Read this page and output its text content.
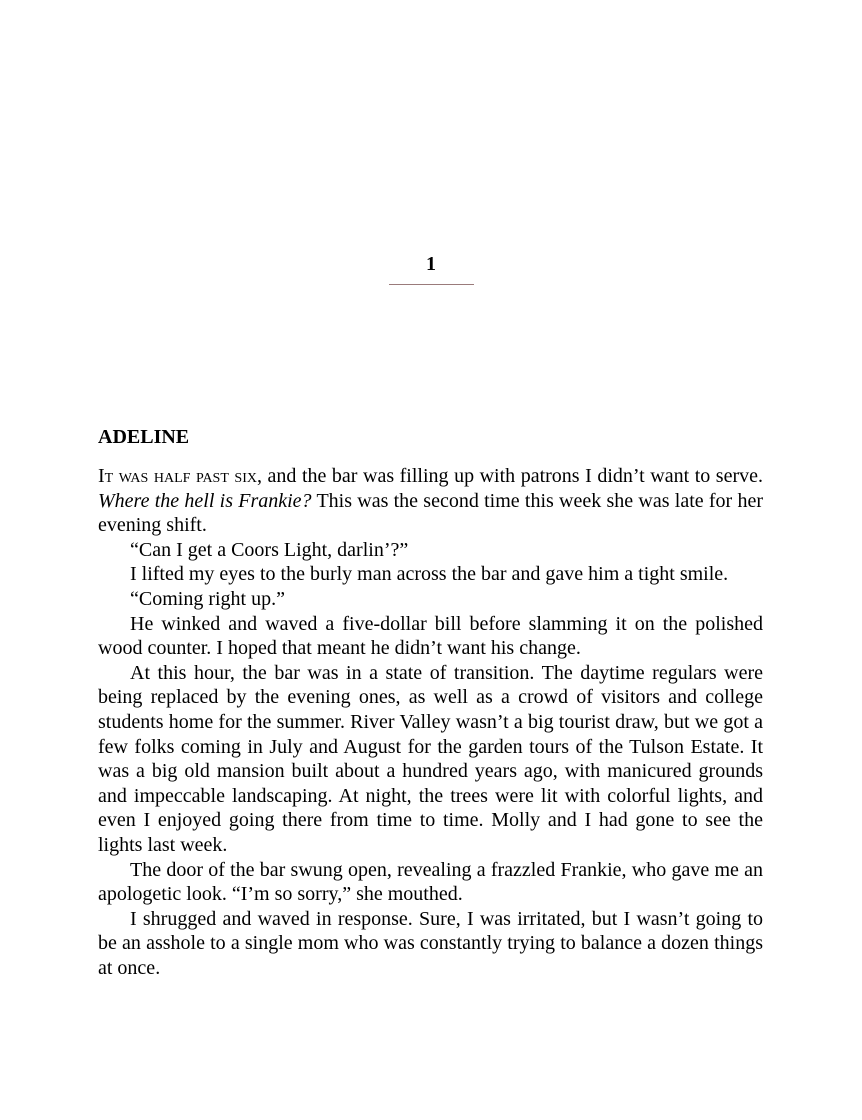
1
ADELINE

It was half past six, and the bar was filling up with patrons I didn’t want to serve. Where the hell is Frankie? This was the second time this week she was late for her evening shift.

“Can I get a Coors Light, darlin’?”

I lifted my eyes to the burly man across the bar and gave him a tight smile.

“Coming right up.”

He winked and waved a five-dollar bill before slamming it on the polished wood counter. I hoped that meant he didn’t want his change.

At this hour, the bar was in a state of transition. The daytime regulars were being replaced by the evening ones, as well as a crowd of visitors and college students home for the summer. River Valley wasn’t a big tourist draw, but we got a few folks coming in July and August for the garden tours of the Tulson Estate. It was a big old mansion built about a hundred years ago, with manicured grounds and impeccable landscaping. At night, the trees were lit with colorful lights, and even I enjoyed going there from time to time. Molly and I had gone to see the lights last week.

The door of the bar swung open, revealing a frazzled Frankie, who gave me an apologetic look. “I’m so sorry,” she mouthed.

I shrugged and waved in response. Sure, I was irritated, but I wasn’t going to be an asshole to a single mom who was constantly trying to balance a dozen things at once.
